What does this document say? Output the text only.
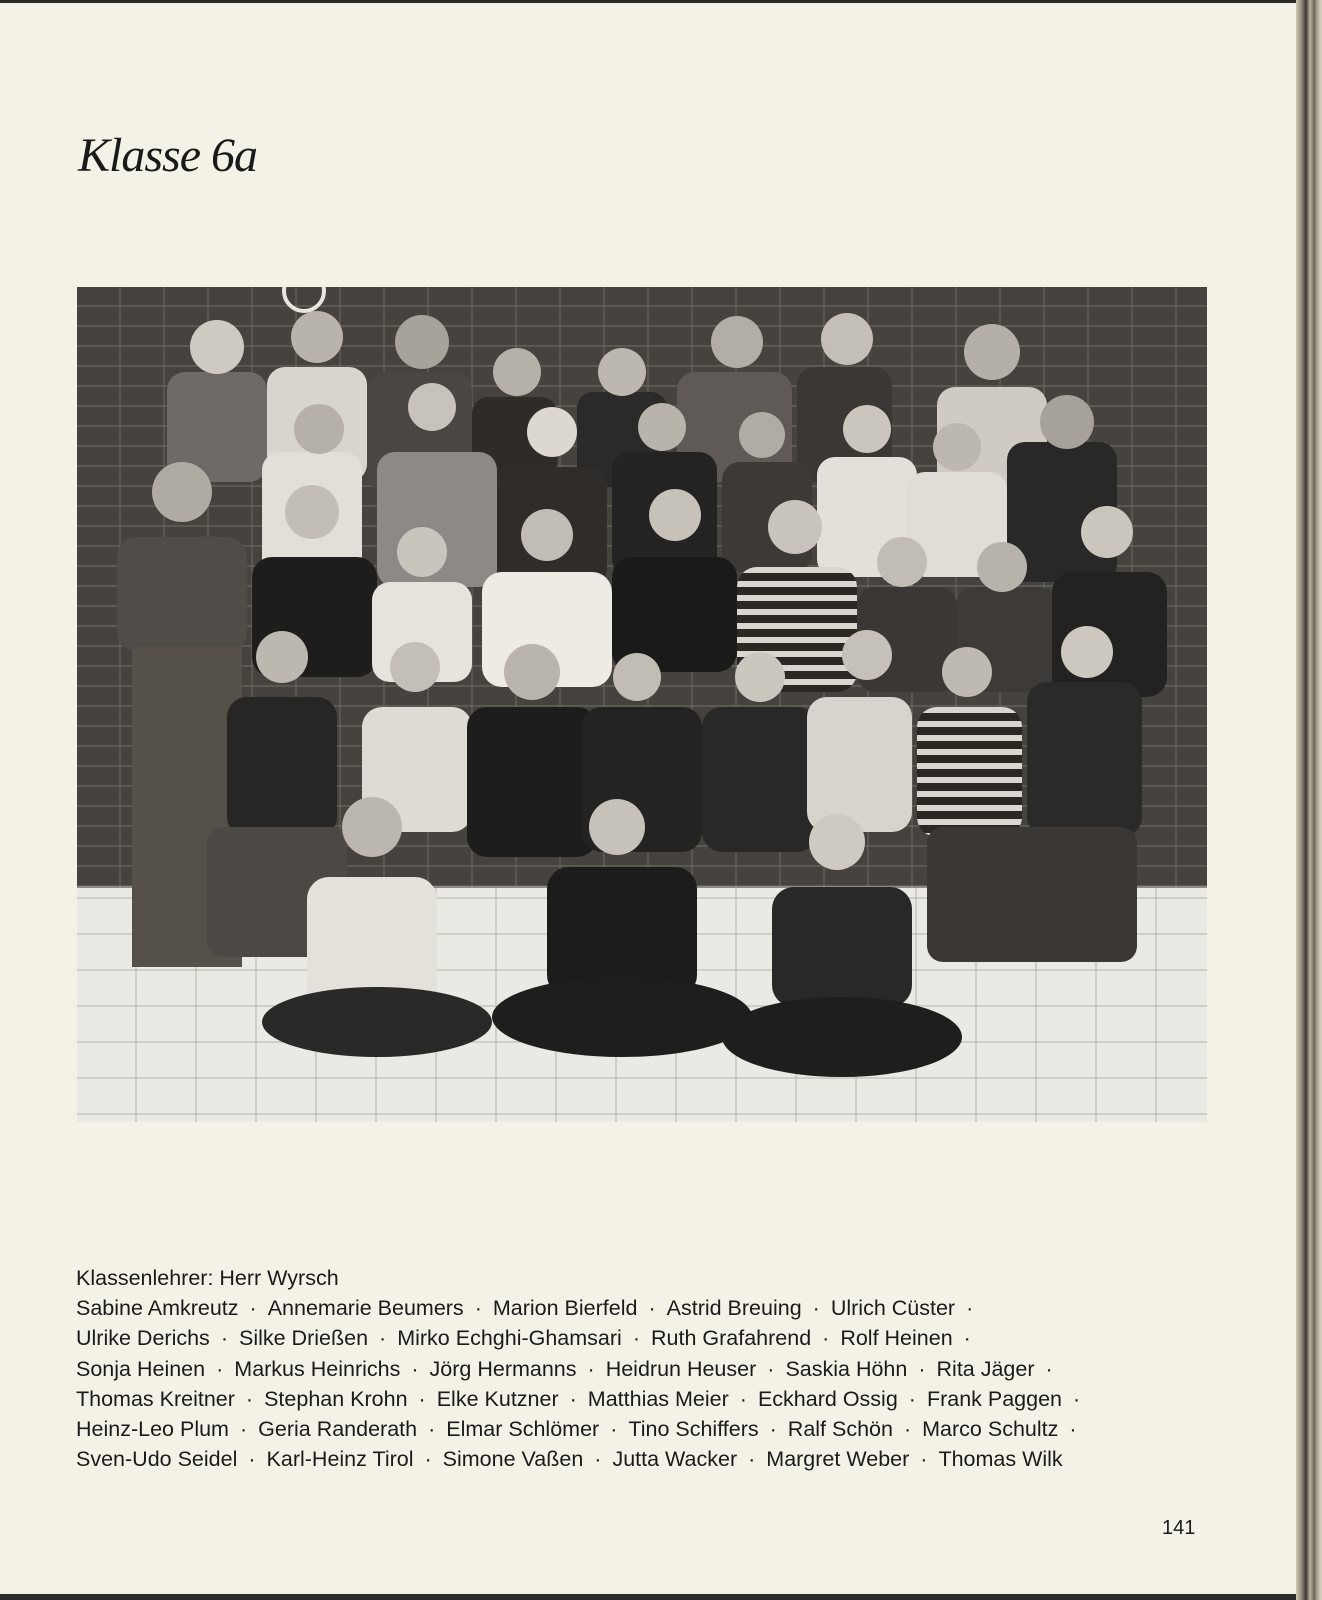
Klasse 6a
Klassenlehrer: Herr Wyrsch
Sabine Amkreutz · Annemarie Beumers · Marion Bierfeld · Astrid Breuing · Ulrich Cüster ·
Ulrike Derichs · Silke Drießen · Mirko Echghi-Ghamsari · Ruth Grafahrend · Rolf Heinen ·
Sonja Heinen · Markus Heinrichs · Jörg Hermanns · Heidrun Heuser · Saskia Höhn · Rita Jäger ·
Thomas Kreitner · Stephan Krohn · Elke Kutzner · Matthias Meier · Eckhard Ossig · Frank Paggen ·
Heinz-Leo Plum · Geria Randerath · Elmar Schlömer · Tino Schiffers · Ralf Schön · Marco Schultz ·
Sven-Udo Seidel · Karl-Heinz Tirol · Simone Vaßen · Jutta Wacker · Margret Weber · Thomas Wilk
141
